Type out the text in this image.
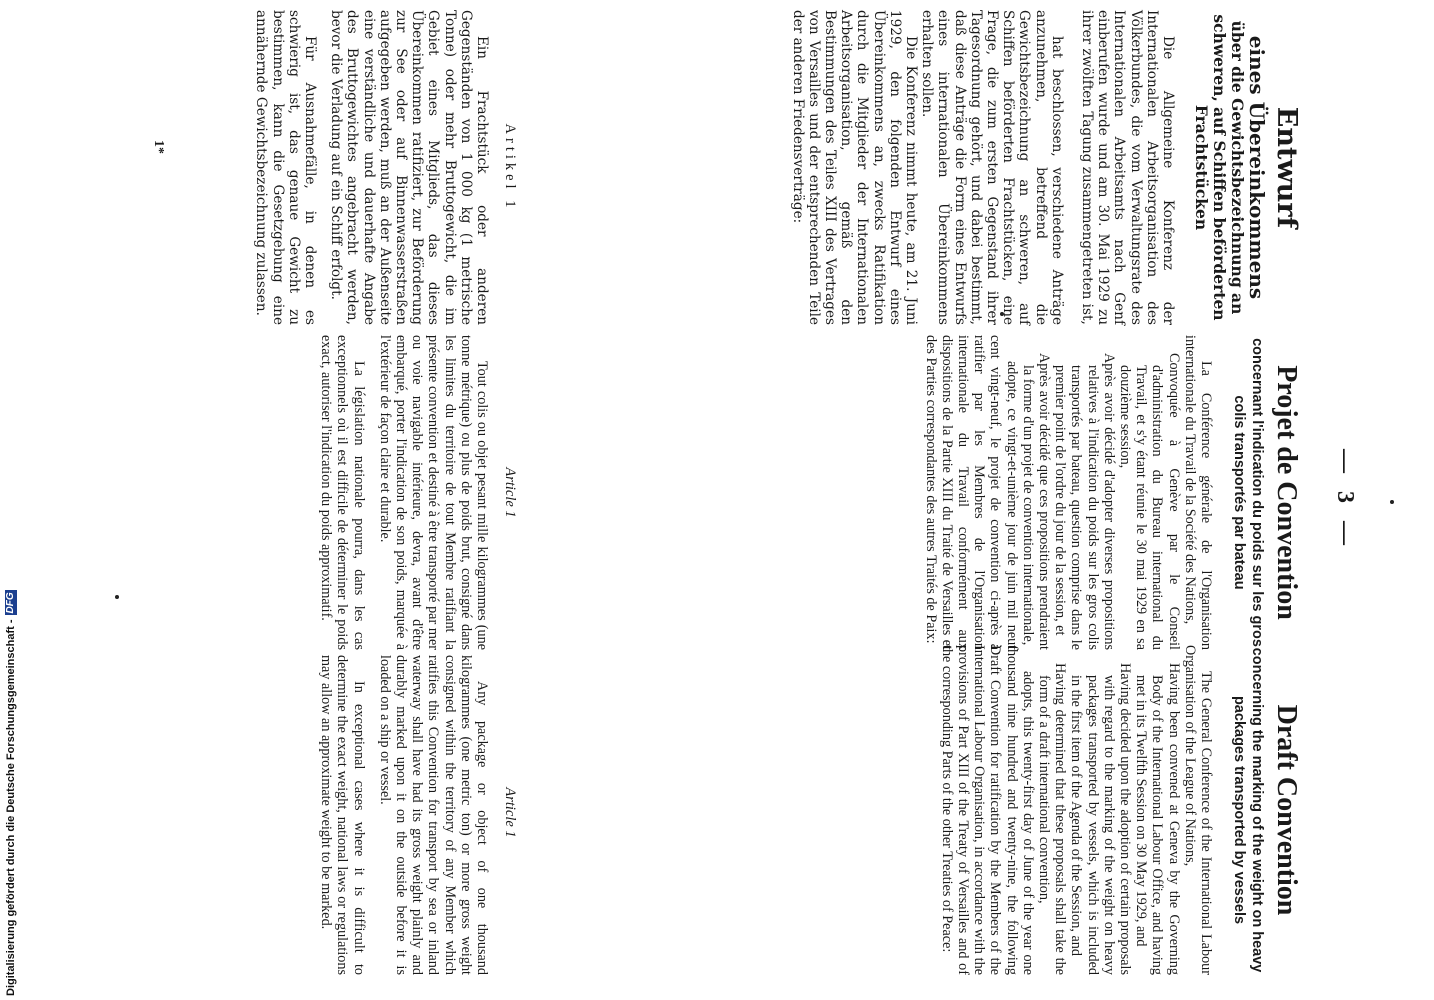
— 3 —
Entwurf
eines Übereinkommens
über die Gewichtsbezeichnung an schweren, auf Schiffen beförderten Frachtstücken

Die Allgemeine Konferenz der Internationalen Arbeitsorganisation des Völkerbundes, die vom Verwaltungsrate des Internationalen Arbeitsamts nach Genf einberufen wurde und am 30. Mai 1929 zu ihrer zwölften Tagung zusammengetreten ist,

hat beschlossen, verschiedene Anträge anzunehmen, betreffend die Gewichtsbezeichnung an schweren, auf Schiffen beförderten Frachtstücken, eine Frage, die zum ersten Gegenstand ihrer Tagesordnung gehört, und dabei bestimmt, daß diese Anträge die Form eines Entwurfs eines internationalen Übereinkommens erhalten sollen.

Die Konferenz nimmt heute, am 21. Juni 1929, den folgenden Entwurf eines Übereinkommens an, zwecks Ratifikation durch die Mitglieder der Internationalen Arbeitsorganisation, gemäß den Bestimmungen des Teiles XIII des Vertrages von Versailles und der entsprechenden Teile der anderen Friedensverträge:

Projet de Convention
concernant l'indication du poids sur les gros colis transportés par bateau

La Conférence générale de l'Organisation internationale du Travail de la Société des Nations,

Convoquée à Genève par le Conseil d'administration du Bureau international du Travail, et s'y étant réunie le 30 mai 1929 en sa douzième session,

Après avoir décidé d'adopter diverses propositions relatives à l'indication du poids sur les gros colis transportés par bateau, question comprise dans le premier point de l'ordre du jour de la session, et

Après avoir décidé que ces propositions prendraient la forme d'un projet de convention internationale,

adopte, ce vingt-et-unième jour de juin mil neuf cent vingt-neuf, le projet de convention ci-après à ratifier par les Membres de l'Organisation internationale du Travail conformément aux dispositions de la Partie XIII du Traité de Versailles et des Parties correspondantes des autres Traités de Paix:

Draft Convention
concerning the marking of the weight on heavy packages transported by vessels

The General Conference of the International Labour Organisation of the League of Nations,

Having been convened at Geneva by the Governing Body of the International Labour Office, and having met in its Twelfth Session on 30 May 1929, and

Having decided upon the adoption of certain proposals with regard to the marking of the weight on heavy packages transported by vessels, which is included in the first item of the Agenda of the Session, and

Having determined that these proposals shall take the form of a draft international convention,

adopts, this twenty-first day of June of the year one thousand nine hundred and twenty-nine, the following Draft Convention for ratification by the Members of the International Labour Organisation, in accordance with the provisions of Part XIII of the Treaty of Versailles and of the corresponding Parts of the other Treaties of Peace:

Artikel 1
Article 1
Article 1

Ein Frachtstück oder anderen Gegenständen von 1 000 kg (1 metrische Tonne) oder mehr Bruttogewicht, die im Gebiet eines Mitglieds, das dieses Übereinkommen ratifiziert, zur Beförderung zur See oder auf Binnenwasserstraßen aufgegeben werden, muß an der Außenseite eine verständliche und dauerhafte Angabe des Bruttogewichtes angebracht werden, bevor die Verladung auf ein Schiff erfolgt.

Für Ausnahmefälle, in denen es schwierig ist, das genaue Gewicht zu bestimmen, kann die Gesetzgebung eine annähernde Gewichtsbezeichnung zulassen.

Tout colis ou objet pesant mille kilogrammes (une tonne métrique) ou plus de poids brut, consigné dans les limites du territoire de tout Membre ratifiant la présente convention et destiné à être transporté par mer ou voie navigable intérieure, devra, avant d'être embarqué, porter l'indication de son poids, marquée à l'extérieur de façon claire et durable.

La législation nationale pourra, dans les cas exceptionnels où il est difficile de déterminer le poids exact, autoriser l'indication du poids approximatif.

Any package or object of one thousand kilogrammes (one metric ton) or more gross weight consigned within the territory of any Member which ratifies this Convention for transport by sea or inland waterway shall have had its gross weight plainly and durably marked upon it on the outside before it is loaded on a ship or vessel.

In exceptional cases where it is difficult to determine the exact weight, national laws or regulations may allow an approximate weight to be marked.

1*
Digitalisierung gefördert durch die Deutsche Forschungsgemeinschaft -
DFG
